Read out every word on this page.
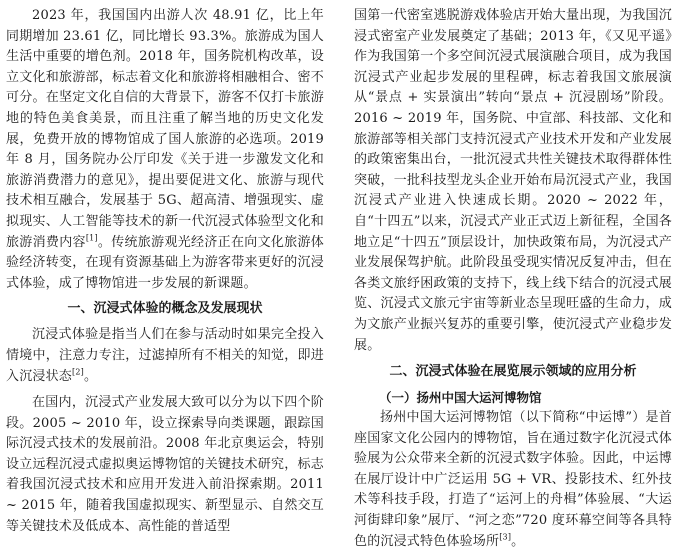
2023 年，我国国内出游人次 48.91 亿，比上年同期增加 23.61 亿，同比增长 93.3%。旅游成为国人生活中重要的增色剂。2018 年，国务院机构改革，设立文化和旅游部，标志着文化和旅游将相融相合、密不可分。在坚定文化自信的大背景下，游客不仅打卡旅游地的特色美食美景，而且注重了解当地的历史文化发展，免费开放的博物馆成了国人旅游的必选项。2019 年 8 月，国务院办公厅印发《关于进一步激发文化和旅游消费潜力的意见》，提出要促进文化、旅游与现代技术相互融合，发展基于 5G、超高清、增强现实、虚拟现实、人工智能等技术的新一代沉浸式体验型文化和旅游消费内容[1]。传统旅游观光经济正在向文化旅游体验经济转变，在现有资源基础上为游客带来更好的沉浸式体验，成了博物馆进一步发展的新课题。

一、沉浸式体验的概念及发展现状

沉浸式体验是指当人们在参与活动时如果完全投入情境中，注意力专注，过滤掉所有不相关的知觉，即进入沉浸状态[2]。

在国内，沉浸式产业发展大致可以分为以下四个阶段。2005 ~ 2010 年，设立探索导向类课题，跟踪国际沉浸式技术的发展前沿。2008 年北京奥运会，特别设立远程沉浸式虚拟奥运博物馆的关键技术研究，标志着我国沉浸式技术和应用开发进入前沿探索期。2011 ~ 2015 年，随着我国虚拟现实、新型显示、自然交互等关键技术及低成本、高性能的普适型

国第一代密室逃脱游戏体验店开始大量出现，为我国沉浸式密室产业发展奠定了基础；2013 年，《又见平遥》作为我国第一个多空间沉浸式展演融合项目，成为我国沉浸式产业起步发展的里程碑，标志着我国文旅展演从“景点 + 实景演出”转向“景点 + 沉浸剧场”阶段。2016 ~ 2019 年，国务院、中宣部、科技部、文化和旅游部等相关部门支持沉浸式产业技术开发和产业发展的政策密集出台，一批沉浸式共性关键技术取得群体性突破，一批科技型龙头企业开始布局沉浸式产业，我国沉浸式产业进入快速成长期。2020 ~ 2022 年，自“十四五”以来，沉浸式产业正式迈上新征程，全国各地立足“十四五”顶层设计，加快政策布局，为沉浸式产业发展保驾护航。此阶段虽受现实情况反复冲击，但在各类文旅纾困政策的支持下，线上线下结合的沉浸式展览、沉浸式文旅元宇宙等新业态呈现旺盛的生命力，成为文旅产业振兴复苏的重要引擎，使沉浸式产业稳步发展。

二、沉浸式体验在展览展示领域的应用分析
（一）扬州中国大运河博物馆

扬州中国大运河博物馆（以下简称“中运博”）是首座国家文化公园内的博物馆，旨在通过数字化沉浸式体验展为公众带来全新的沉浸式数字体验。因此，中运博在展厅设计中广泛运用 5G + VR、投影技术、红外技术等科技手段，打造了“运河上的舟楫”体验展、“大运河街肆印象”展厅、“河之恋”720 度环幕空间等各具特色的沉浸式特色体验场所[3]。
